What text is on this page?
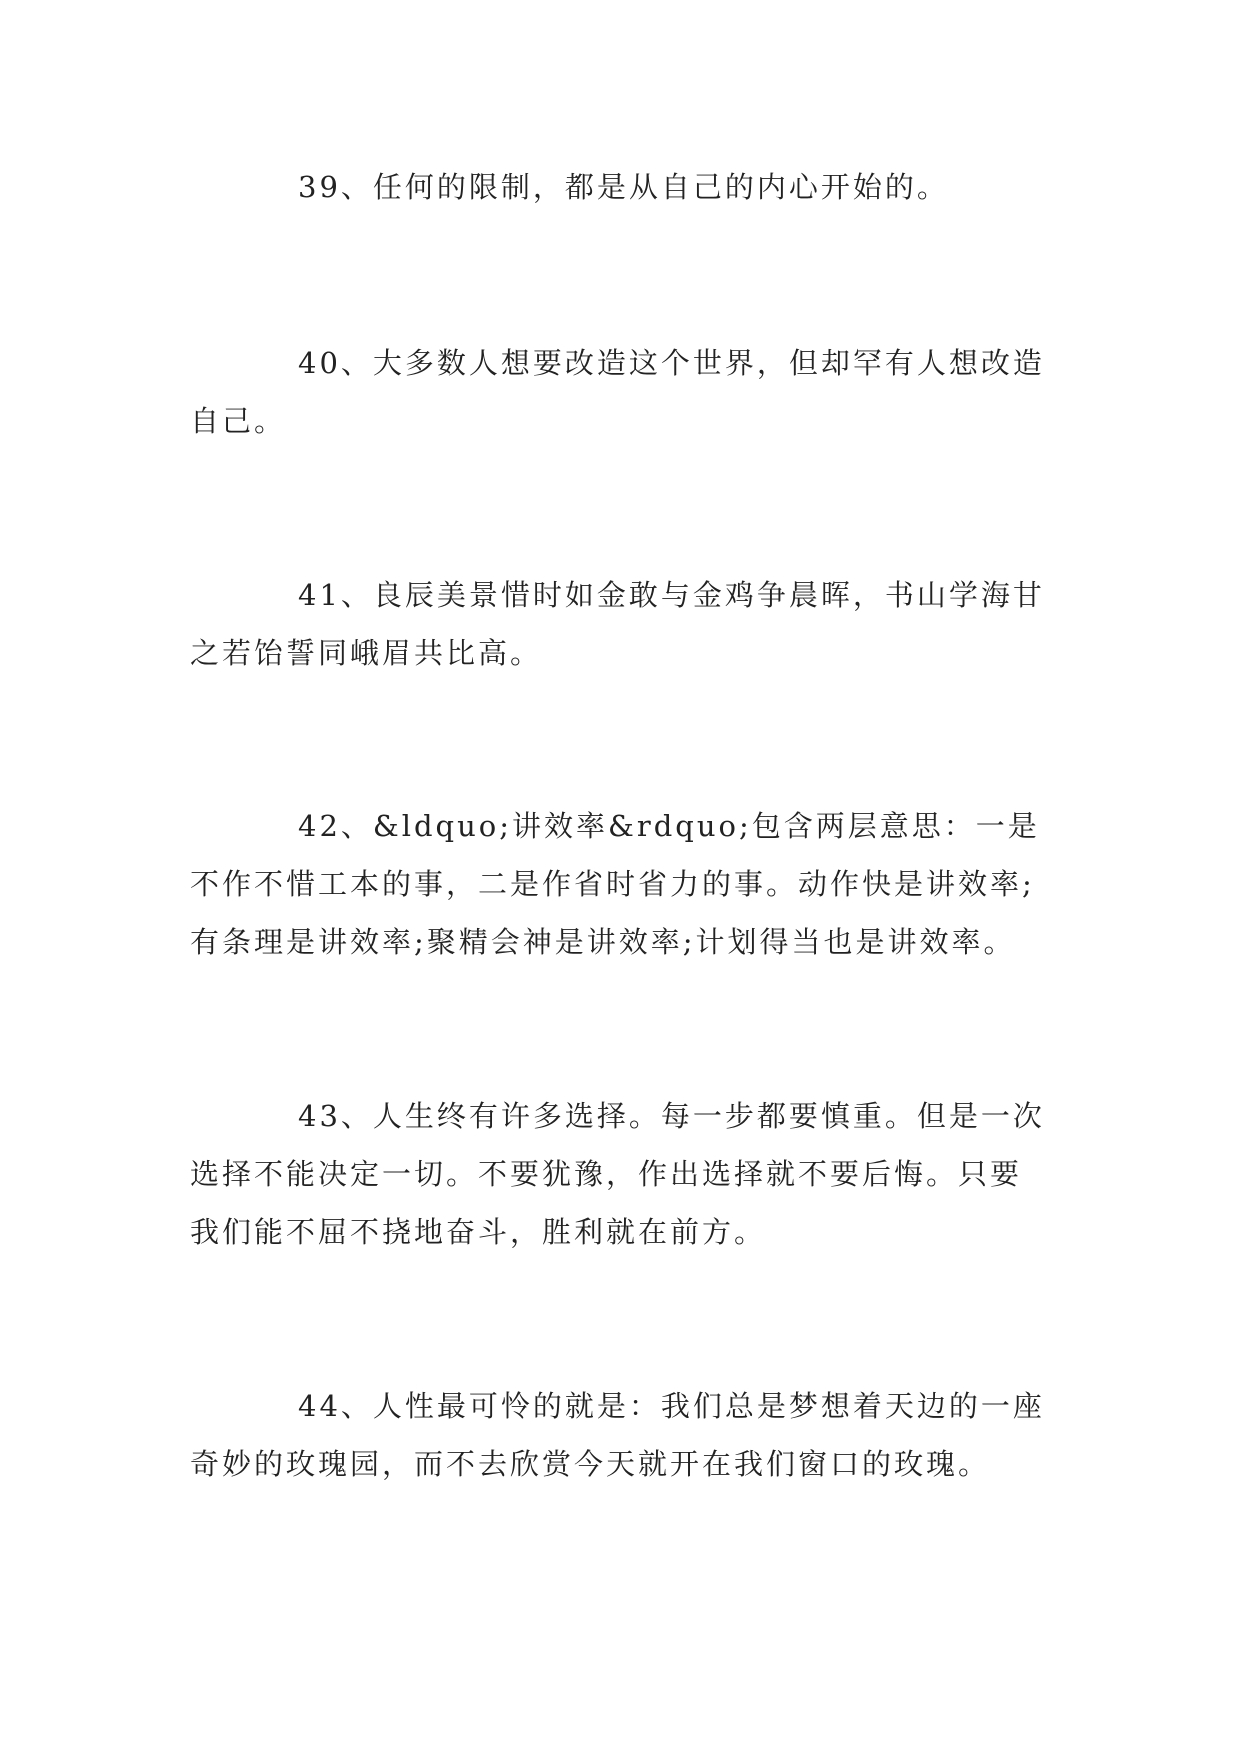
39、任何的限制，都是从自己的内心开始的。

40、大多数人想要改造这个世界，但却罕有人想改造自己。

41、良辰美景惜时如金敢与金鸡争晨晖，书山学海甘之若饴誓同峨眉共比高。

42、&ldquo;讲效率&rdquo;包含两层意思：一是不作不惜工本的事，二是作省时省力的事。动作快是讲效率;有条理是讲效率;聚精会神是讲效率;计划得当也是讲效率。

43、人生终有许多选择。每一步都要慎重。但是一次选择不能决定一切。不要犹豫，作出选择就不要后悔。只要我们能不屈不挠地奋斗，胜利就在前方。

44、人性最可怜的就是：我们总是梦想着天边的一座奇妙的玫瑰园，而不去欣赏今天就开在我们窗口的玫瑰。
